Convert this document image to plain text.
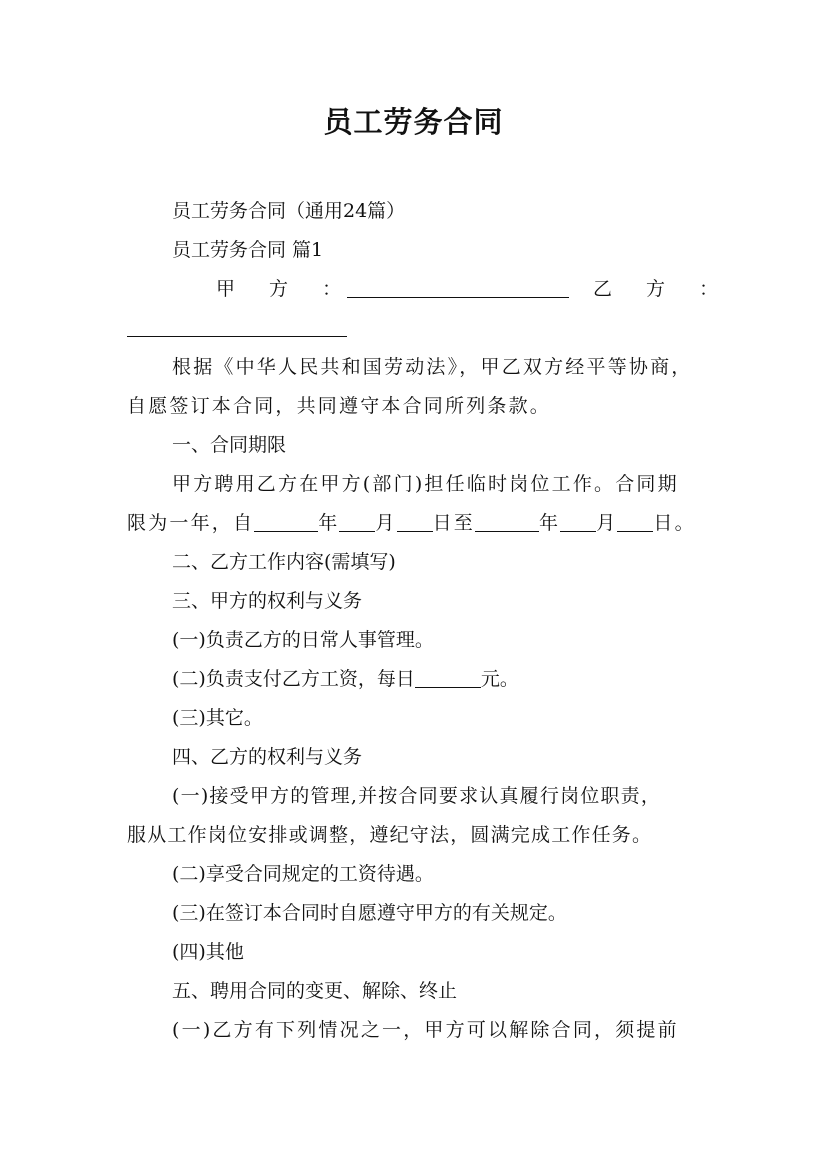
员工劳务合同
员工劳务合同（通用24篇）
员工劳务合同 篇1
甲 方 ：	乙 方 ：
根据《中华人民共和国劳动法》，甲乙双方经平等协商，
自愿签订本合同，共同遵守本合同所列条款。
一、合同期限
甲方聘用乙方在甲方(部门)担任临时岗位工作。合同期
限为一年，自	年 月 日至	年 月 日。
二、乙方工作内容(需填写)
三、甲方的权利与义务
(一)负责乙方的日常人事管理。
(二)负责支付乙方工资，每日	元。
(三)其它。
四、乙方的权利与义务
(一)接受甲方的管理,并按合同要求认真履行岗位职责，
服从工作岗位安排或调整，遵纪守法，圆满完成工作任务。
(二)享受合同规定的工资待遇。
(三)在签订本合同时自愿遵守甲方的有关规定。
(四)其他
五、聘用合同的变更、解除、终止
(一)乙方有下列情况之一，甲方可以解除合同，须提前
